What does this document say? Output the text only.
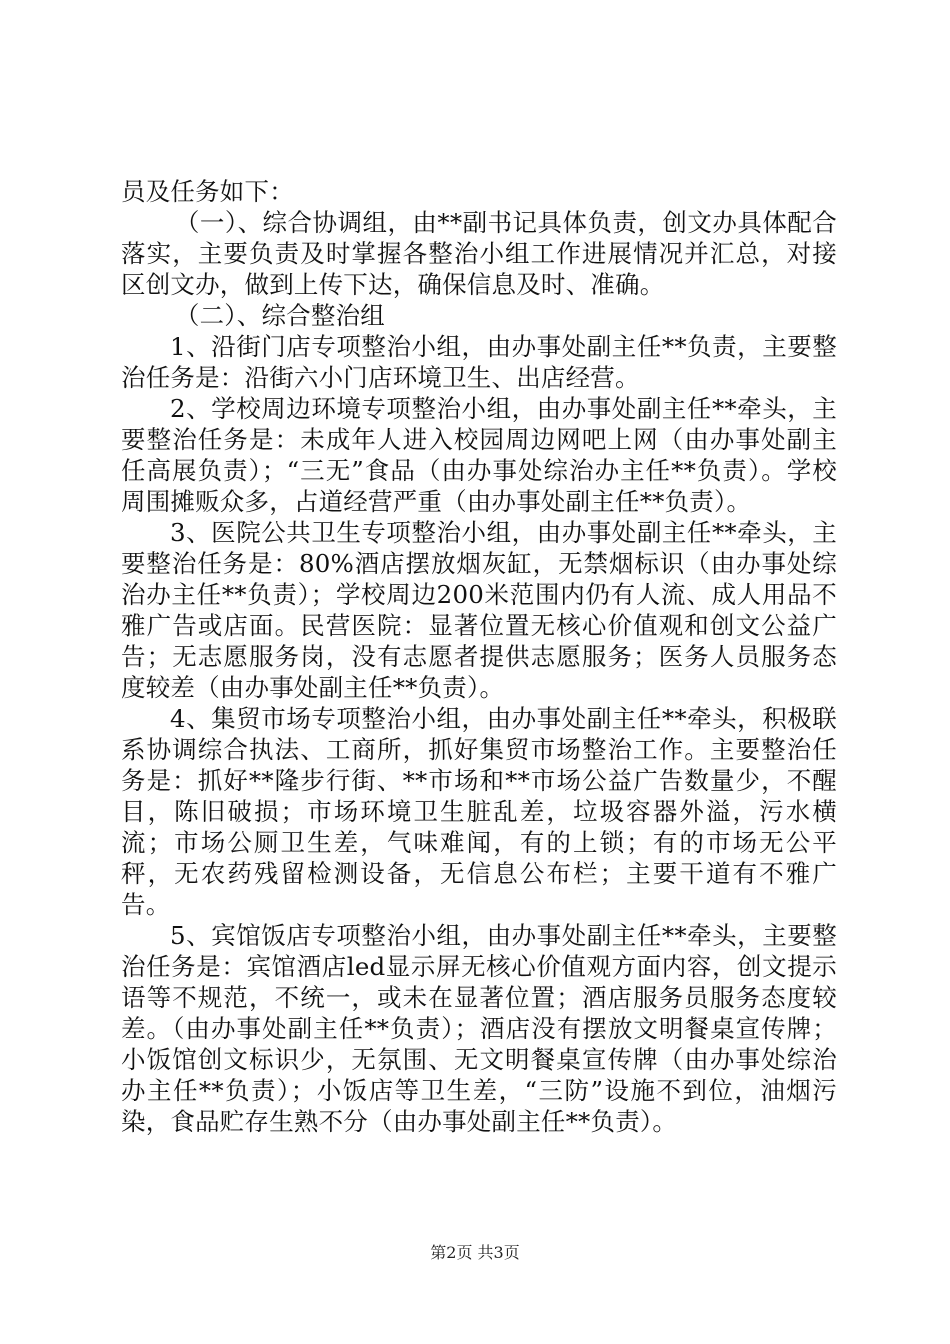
员及任务如下：

（一）、综合协调组，由**副书记具体负责，创文办具体配合落实，主要负责及时掌握各整治小组工作进展情况并汇总，对接区创文办，做到上传下达，确保信息及时、准确。

（二）、综合整治组

1、沿街门店专项整治小组，由办事处副主任**负责，主要整治任务是：沿街六小门店环境卫生、出店经营。

2、学校周边环境专项整治小组，由办事处副主任**牵头，主要整治任务是：未成年人进入校园周边网吧上网（由办事处副主任高展负责）；“三无”食品（由办事处综治办主任**负责）。学校周围摊贩众多，占道经营严重（由办事处副主任**负责）。

3、医院公共卫生专项整治小组，由办事处副主任**牵头，主要整治任务是：80%酒店摆放烟灰缸，无禁烟标识（由办事处综治办主任**负责）；学校周边200米范围内仍有人流、成人用品不雅广告或店面。民营医院：显著位置无核心价值观和创文公益广告；无志愿服务岗，没有志愿者提供志愿服务；医务人员服务态度较差（由办事处副主任**负责）。

4、集贸市场专项整治小组，由办事处副主任**牵头，积极联系协调综合执法、工商所，抓好集贸市场整治工作。主要整治任务是：抓好**隆步行街、**市场和**市场公益广告数量少，不醒目，陈旧破损；市场环境卫生脏乱差，垃圾容器外溢，污水横流；市场公厕卫生差，气味难闻，有的上锁；有的市场无公平秤，无农药残留检测设备，无信息公布栏；主要干道有不雅广告。

5、宾馆饭店专项整治小组，由办事处副主任**牵头，主要整治任务是：宾馆酒店led显示屏无核心价值观方面内容，创文提示语等不规范，不统一，或未在显著位置；酒店服务员服务态度较差。（由办事处副主任**负责）；酒店没有摆放文明餐桌宣传牌；小饭馆创文标识少，无氛围、无文明餐桌宣传牌（由办事处综治办主任**负责）；小饭店等卫生差，“三防”设施不到位，油烟污染，食品贮存生熟不分（由办事处副主任**负责）。

第2页 共3页
